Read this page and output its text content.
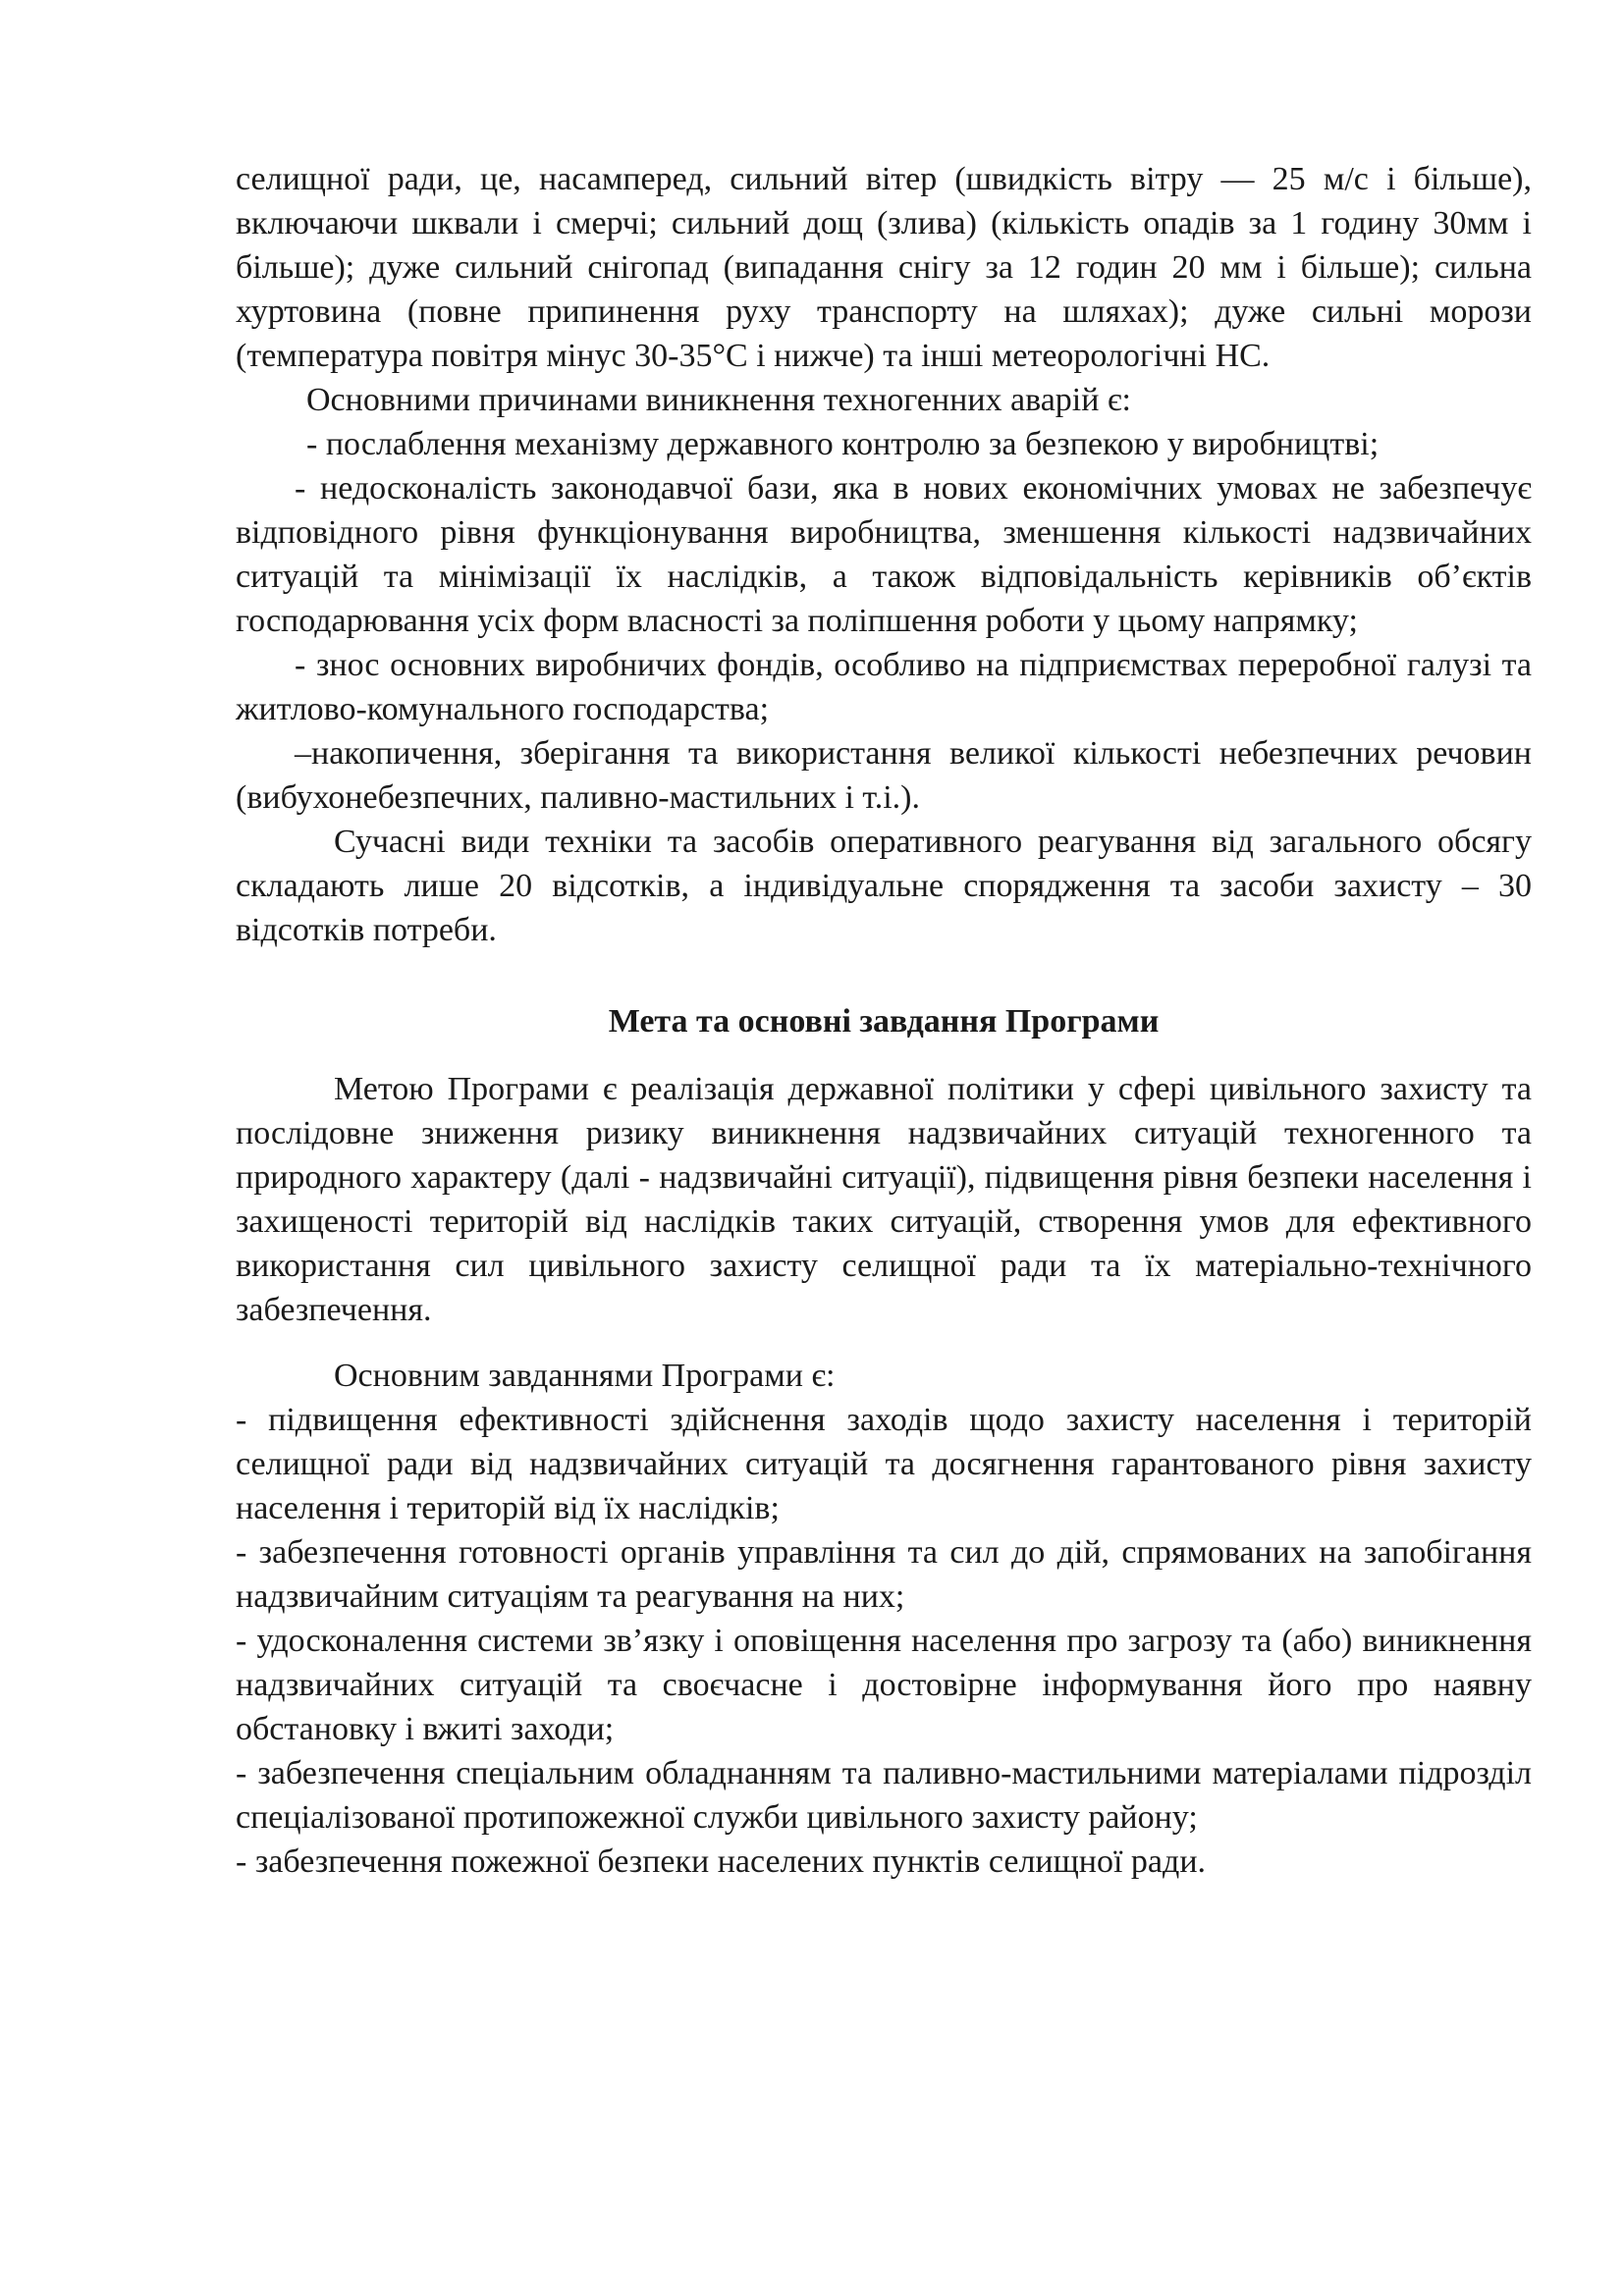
селищної ради, це, насамперед, сильний вітер (швидкість вітру — 25 м/с і більше), включаючи шквали і смерчі; сильний дощ (злива) (кількість опадів за 1 годину 30мм і більше); дуже сильний снігопад (випадання снігу за 12 годин 20 мм і більше); сильна хуртовина (повне припинення руху транспорту на шляхах); дуже сильні морози (температура повітря мінус 30-35°С і нижче) та інші метеорологічні НС.

Основними причинами виникнення техногенних аварій є:

- послаблення механізму державного контролю за безпекою у виробництві;

- недосконалість законодавчої бази, яка в нових економічних умовах не забезпечує відповідного рівня функціонування виробництва, зменшення кількості надзвичайних ситуацій та мінімізації їх наслідків, а також відповідальність керівників об’єктів господарювання усіх форм власності за поліпшення роботи у цьому напрямку;

- знос основних виробничих фондів, особливо на підприємствах переробної галузі та житлово-комунального господарства;

–накопичення, зберігання та використання великої кількості небезпечних речовин (вибухонебезпечних, паливно-мастильних і т.і.).

Сучасні види техніки та засобів оперативного реагування від загального обсягу складають лише 20 відсотків, а індивідуальне спорядження та засоби захисту – 30 відсотків потреби.

Мета та основні завдання Програми

Метою Програми є реалізація державної політики у сфері цивільного захисту та послідовне зниження ризику виникнення надзвичайних ситуацій техногенного та природного характеру (далі - надзвичайні ситуації), підвищення рівня безпеки населення і захищеності територій від наслідків таких ситуацій, створення умов для ефективного використання сил цивільного захисту селищної ради та їх матеріально-технічного забезпечення.

Основним завданнями Програми є:

- підвищення ефективності здійснення заходів щодо захисту населення і територій селищної ради від надзвичайних ситуацій та досягнення гарантованого рівня захисту населення і територій від їх наслідків;

- забезпечення готовності органів управління та сил до дій, спрямованих на запобігання надзвичайним ситуаціям та реагування на них;

- удосконалення системи зв’язку і оповіщення населення про загрозу та (або) виникнення надзвичайних ситуацій та своєчасне і достовірне інформування його про наявну обстановку і вжиті заходи;

- забезпечення спеціальним обладнанням та паливно-мастильними матеріалами підрозділ спеціалізованої протипожежної служби цивільного захисту району;

- забезпечення пожежної безпеки населених пунктів селищної ради.
